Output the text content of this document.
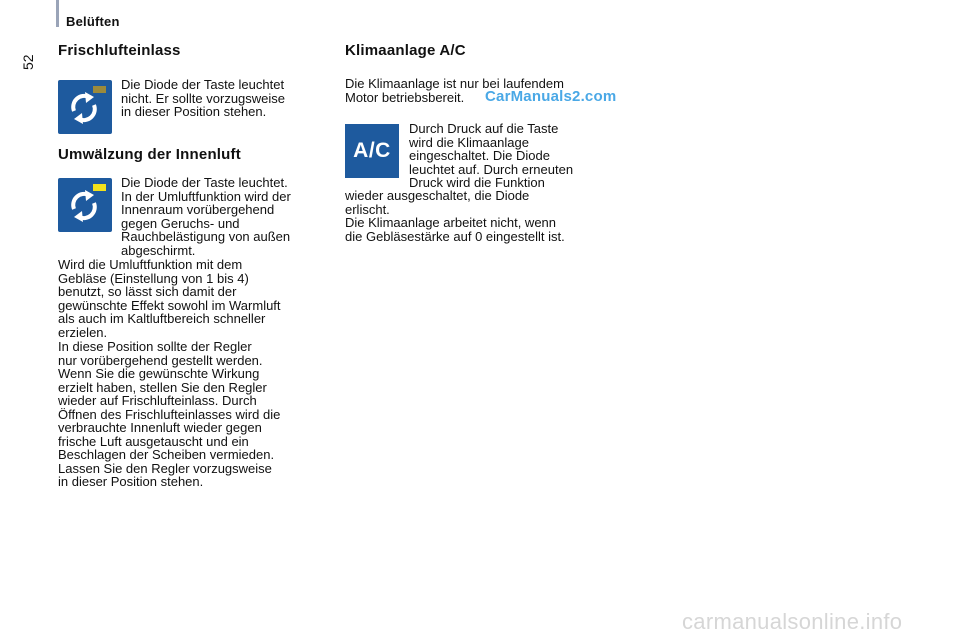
Belüften
52
Frischlufteinlass
Die Diode der Taste leuchtet
nicht. Er sollte vorzugsweise
in dieser Position stehen.
Umwälzung der Innenluft
Die Diode der Taste leuchtet.
In der Umluftfunktion wird der
Innenraum vorübergehend
gegen Geruchs- und
Rauchbelästigung von außen
abgeschirmt.
Wird die Umluftfunktion mit dem
Gebläse (Einstellung von 1 bis 4)
benutzt, so lässt sich damit der
gewünschte Effekt sowohl im Warmluft
als auch im Kaltluftbereich schneller
erzielen.
In diese Position sollte der Regler
nur vorübergehend gestellt werden.
Wenn Sie die gewünschte Wirkung
erzielt haben, stellen Sie den Regler
wieder auf Frischlufteinlass. Durch
Öffnen des Frischlufteinlasses wird die
verbrauchte Innenluft wieder gegen
frische Luft ausgetauscht und ein
Beschlagen der Scheiben vermieden.
Lassen Sie den Regler vorzugsweise
in dieser Position stehen.
Klimaanlage A/C
Die Klimaanlage ist nur bei laufendem
Motor betriebsbereit.	CarManuals2.com
A/C
Durch Druck auf die Taste
wird die Klimaanlage
eingeschaltet. Die Diode
leuchtet auf. Durch erneuten
Druck wird die Funktion
wieder ausgeschaltet, die Diode
erlischt.
Die Klimaanlage arbeitet nicht, wenn
die Gebläsestärke auf 0 eingestellt ist.
carmanualsonline.info
